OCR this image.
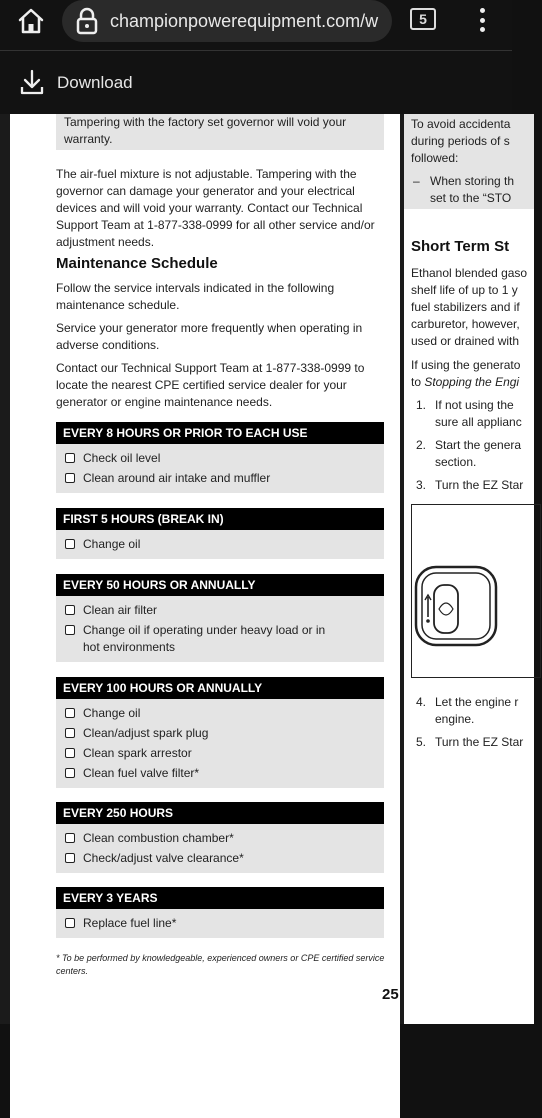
championpowerequipment.com/w	5
Download

Tampering with the factory set governor will void your warranty.

The air-fuel mixture is not adjustable. Tampering with the governor can damage your generator and your electrical devices and will void your warranty. Contact our Technical Support Team at 1-877-338-0999 for all other service and/or adjustment needs.

Maintenance Schedule

Follow the service intervals indicated in the following maintenance schedule.

Service your generator more frequently when operating in adverse conditions.

Contact our Technical Support Team at 1-877-338-0999 to locate the nearest CPE certified service dealer for your generator or engine maintenance needs.

EVERY 8 HOURS OR PRIOR TO EACH USE
Check oil level
Clean around air intake and muffler
FIRST 5 HOURS (BREAK IN)
Change oil
EVERY 50 HOURS OR ANNUALLY
Clean air filter
Change oil if operating under heavy load or in hot environments
EVERY 100 HOURS OR ANNUALLY
Change oil
Clean/adjust spark plug
Clean spark arrestor
Clean fuel valve filter*
EVERY 250 HOURS
Clean combustion chamber*
Check/adjust valve clearance*
EVERY 3 YEARS
Replace fuel line*

* To be performed by knowledgeable, experienced owners or CPE certified service centers.

25
To avoid accidenta
during periods of s
followed:
– When storing th
set to the “STO
Short Term St
Ethanol blended gaso
shelf life of up to 1 y
fuel stabilizers and if
carburetor, however,
used or drained with
If using the generato
to Stopping the Engi
1. If not using the
sure all applianc
2. Start the genera
section.
3. Turn the EZ Star
4. Let the engine r
engine.
5. Turn the EZ Star
